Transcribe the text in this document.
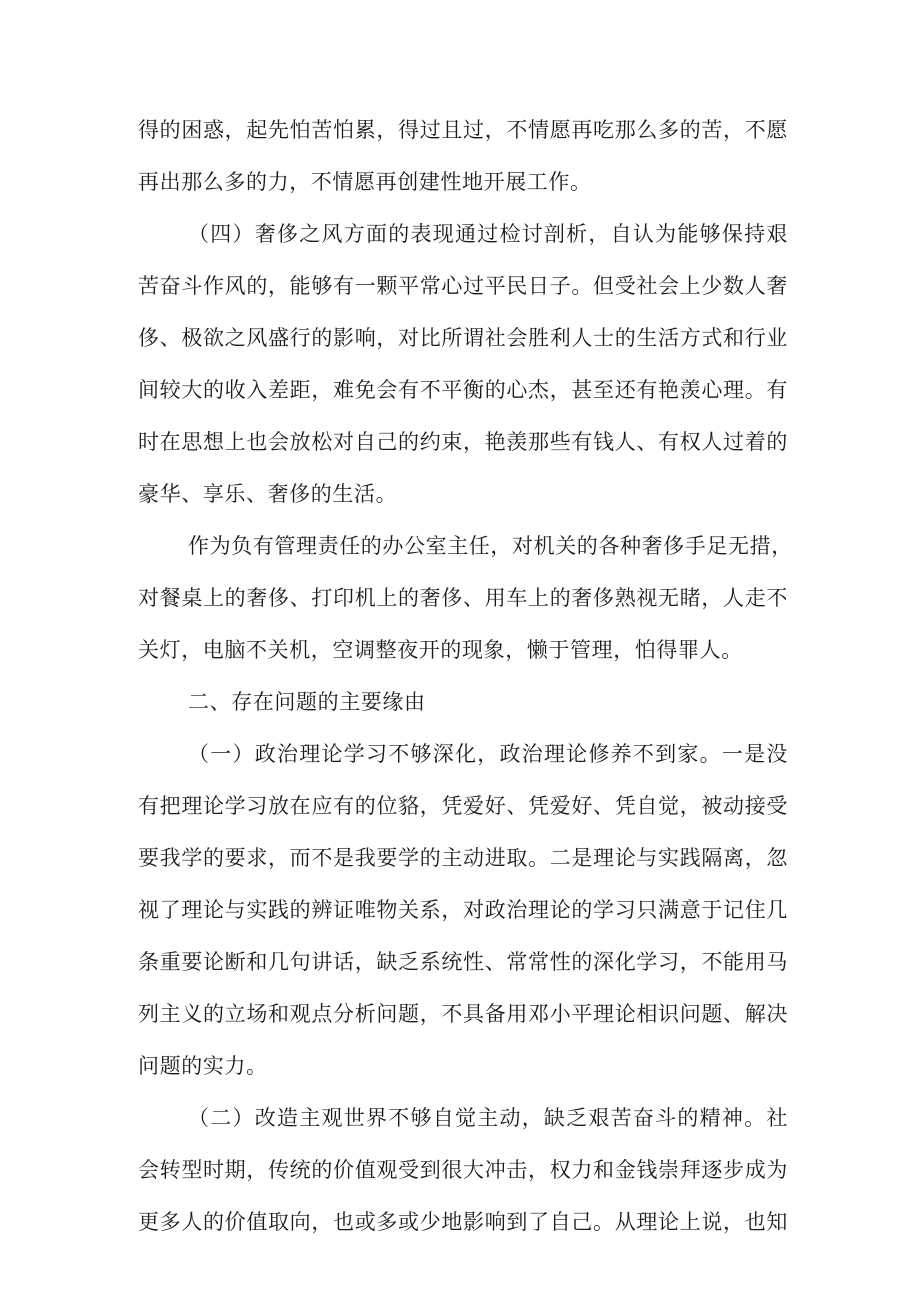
得的困惑，起先怕苦怕累，得过且过，不情愿再吃那么多的苦，不愿
再出那么多的力，不情愿再创建性地开展工作。
（四）奢侈之风方面的表现通过检讨剖析，自认为能够保持艰
苦奋斗作风的，能够有一颗平常心过平民日子。但受社会上少数人奢
侈、极欲之风盛行的影响，对比所谓社会胜利人士的生活方式和行业
间较大的收入差距，难免会有不平衡的心杰，甚至还有艳羡心理。有
时在思想上也会放松对自己的约束，艳羡那些有钱人、有权人过着的
豪华、享乐、奢侈的生活。
作为负有管理责任的办公室主任，对机关的各种奢侈手足无措，
对餐桌上的奢侈、打印机上的奢侈、用车上的奢侈熟视无睹，人走不
关灯，电脑不关机，空调整夜开的现象，懒于管理，怕得罪人。
二、存在问题的主要缘由
（一）政治理论学习不够深化，政治理论修养不到家。一是没
有把理论学习放在应有的位貉，凭爱好、凭爱好、凭自觉，被动接受
要我学的要求，而不是我要学的主动进取。二是理论与实践隔离，忽
视了理论与实践的辨证唯物关系，对政治理论的学习只满意于记住几
条重要论断和几句讲话，缺乏系统性、常常性的深化学习，不能用马
列主义的立场和观点分析问题，不具备用邓小平理论相识问题、解决
问题的实力。
（二）改造主观世界不够自觉主动，缺乏艰苦奋斗的精神。社
会转型时期，传统的价值观受到很大冲击，权力和金钱崇拜逐步成为
更多人的价值取向，也或多或少地影响到了自己。从理论上说，也知
